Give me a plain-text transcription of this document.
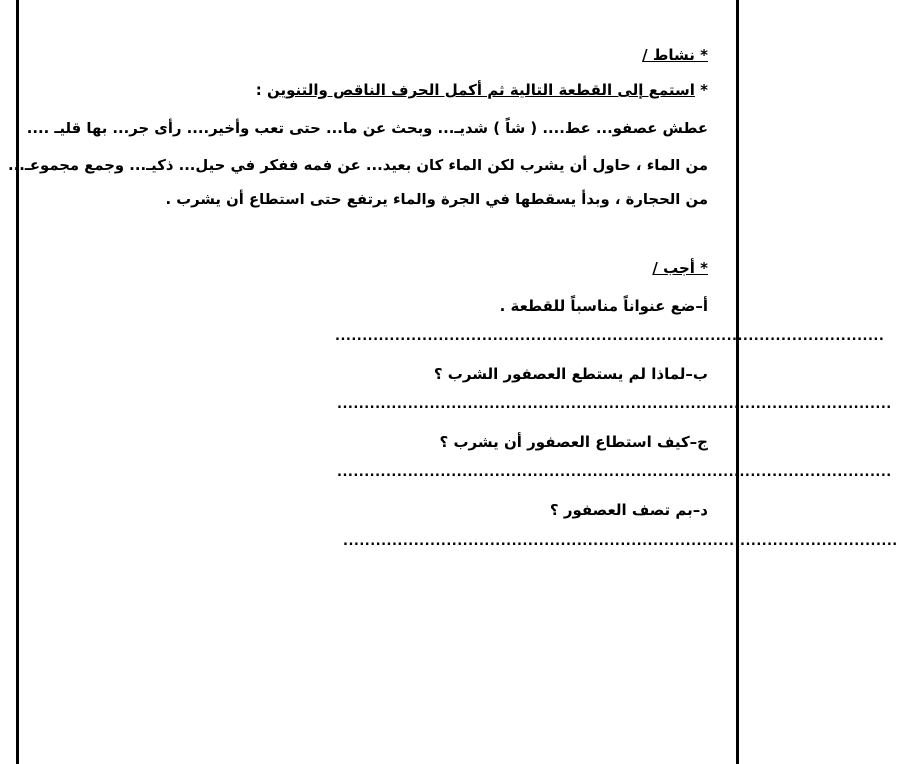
* نشاط /
* استمع إلى القطعة التالية ثم أكمل الحرف الناقص والتنوين :
عطش عصفو... عط.... ( شاً ) شديـ... وبحث عن ما... حتى تعب وأخير.... رأى جر... بها قليـ ....
من الماء ، حاول أن يشرب لكن الماء كان بعيد... عن فمه ففكر في حيل... ذكيـ... وجمع مجموعـ...
من الحجارة ، وبدأ يسقطها في الجرة والماء يرتفع حتى استطاع أن يشرب .
* أجب /
أ–ضع عنواناً مناسباً للقطعة .
.....................................................................................................
ب–لماذا لم يستطع العصفور الشرب ؟
......................................................................................................
ج–كيف استطاع العصفور أن يشرب ؟
......................................................................................................
د–بم تصف العصفور ؟
......................................................................................................
